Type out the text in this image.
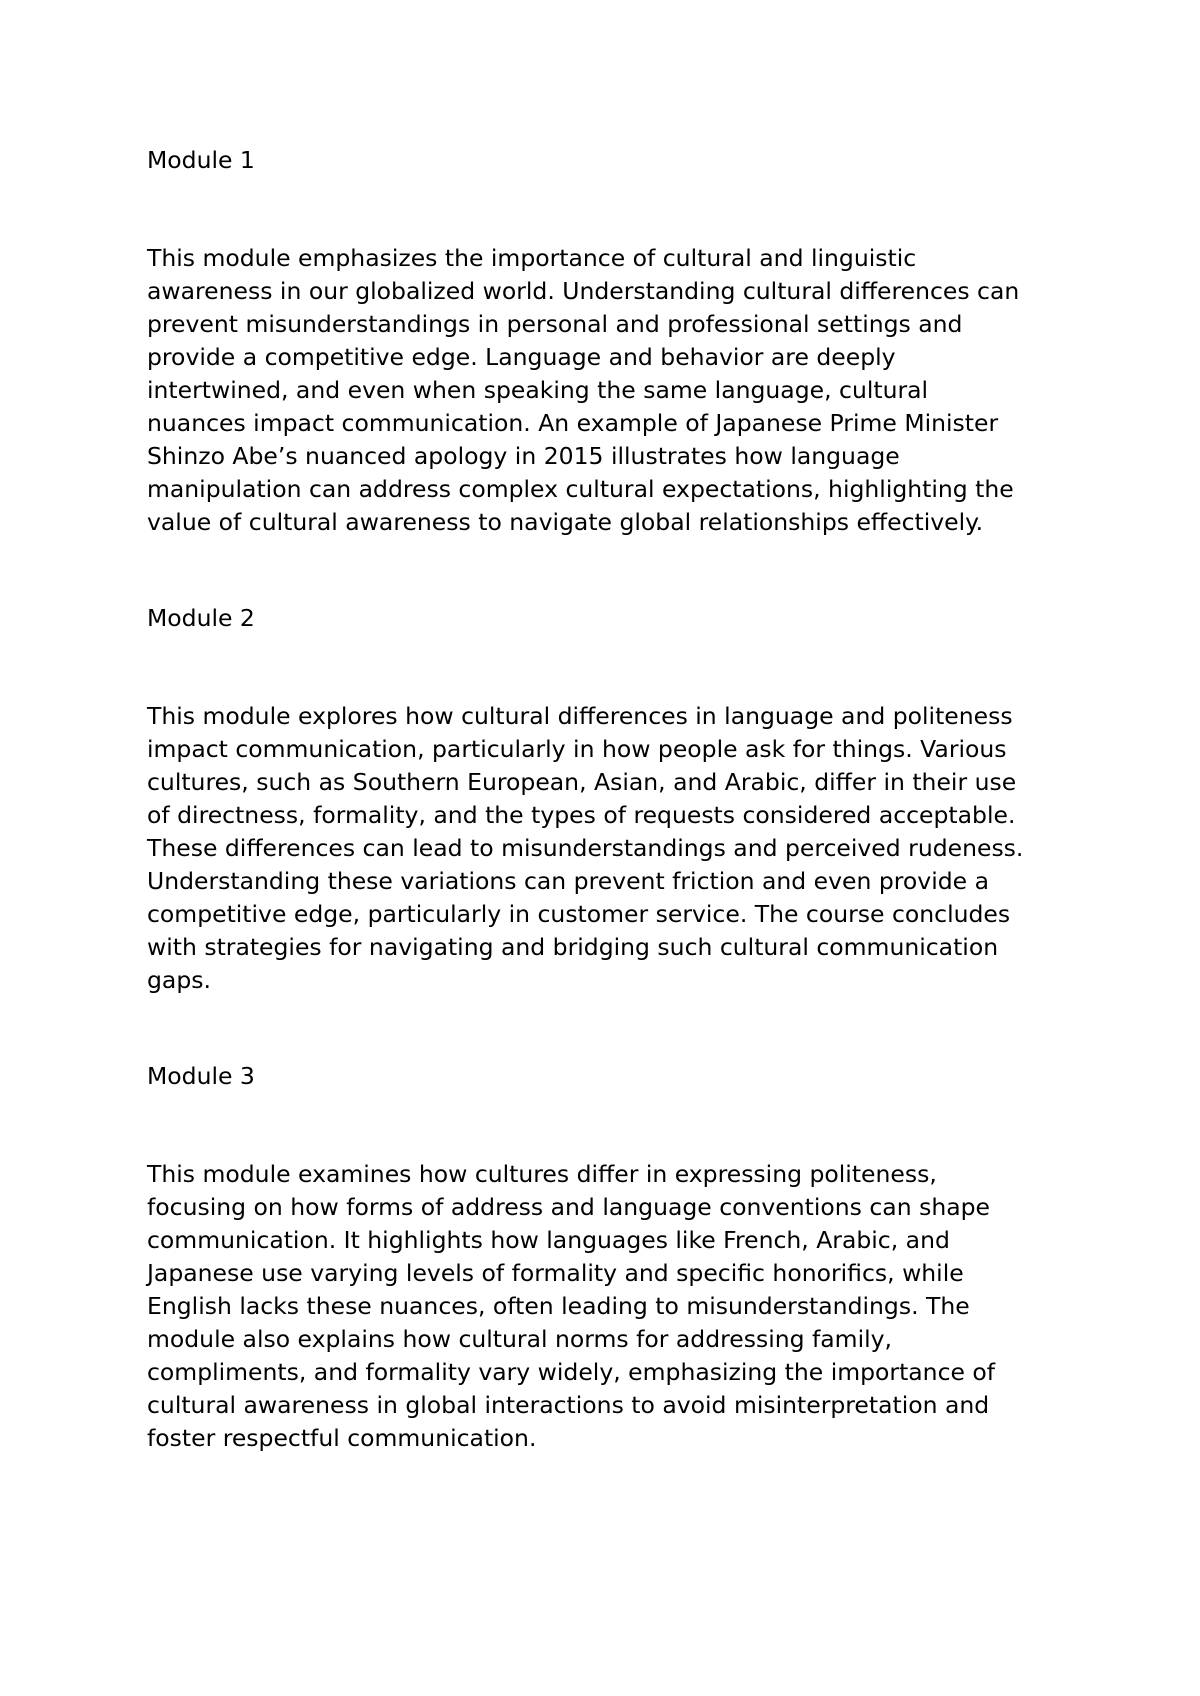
Module 1

This module emphasizes the importance of cultural and linguistic
awareness in our globalized world. Understanding cultural differences can
prevent misunderstandings in personal and professional settings and
provide a competitive edge. Language and behavior are deeply
intertwined, and even when speaking the same language, cultural
nuances impact communication. An example of Japanese Prime Minister
Shinzo Abe’s nuanced apology in 2015 illustrates how language
manipulation can address complex cultural expectations, highlighting the
value of cultural awareness to navigate global relationships effectively.

Module 2

This module explores how cultural differences in language and politeness
impact communication, particularly in how people ask for things. Various
cultures, such as Southern European, Asian, and Arabic, differ in their use
of directness, formality, and the types of requests considered acceptable.
These differences can lead to misunderstandings and perceived rudeness.
Understanding these variations can prevent friction and even provide a
competitive edge, particularly in customer service. The course concludes
with strategies for navigating and bridging such cultural communication
gaps.

Module 3

This module examines how cultures differ in expressing politeness,
focusing on how forms of address and language conventions can shape
communication. It highlights how languages like French, Arabic, and
Japanese use varying levels of formality and specific honorifics, while
English lacks these nuances, often leading to misunderstandings. The
module also explains how cultural norms for addressing family,
compliments, and formality vary widely, emphasizing the importance of
cultural awareness in global interactions to avoid misinterpretation and
foster respectful communication.
